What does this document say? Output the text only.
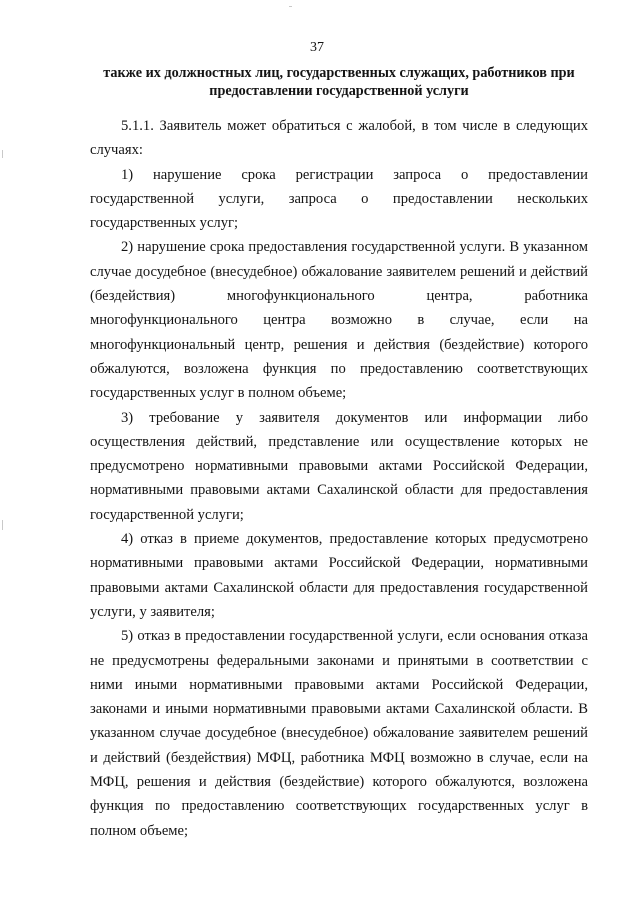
37
также их должностных лиц, государственных служащих, работников при предоставлении государственной услуги

5.1.1. Заявитель может обратиться с жалобой, в том числе в следующих случаях:

1) нарушение срока регистрации запроса о предоставлении государственной услуги, запроса о предоставлении нескольких государственных услуг;

2) нарушение срока предоставления государственной услуги. В указанном случае досудебное (внесудебное) обжалование заявителем решений и действий (бездействия) многофункционального центра, работника многофункционального центра возможно в случае, если на многофункциональный центр, решения и действия (бездействие) которого обжалуются, возложена функция по предоставлению соответствующих государственных услуг в полном объеме;

3) требование у заявителя документов или информации либо осуществления действий, представление или осуществление которых не предусмотрено нормативными правовыми актами Российской Федерации, нормативными правовыми актами Сахалинской области для предоставления государственной услуги;

4) отказ в приеме документов, предоставление которых предусмотрено нормативными правовыми актами Российской Федерации, нормативными правовыми актами Сахалинской области для предоставления государственной услуги, у заявителя;

5) отказ в предоставлении государственной услуги, если основания отказа не предусмотрены федеральными законами и принятыми в соответствии с ними иными нормативными правовыми актами Российской Федерации, законами и иными нормативными правовыми актами Сахалинской области. В указанном случае досудебное (внесудебное) обжалование заявителем решений и действий (бездействия) МФЦ, работника МФЦ возможно в случае, если на МФЦ, решения и действия (бездействие) которого обжалуются, возложена функция по предоставлению соответствующих государственных услуг в полном объеме;
